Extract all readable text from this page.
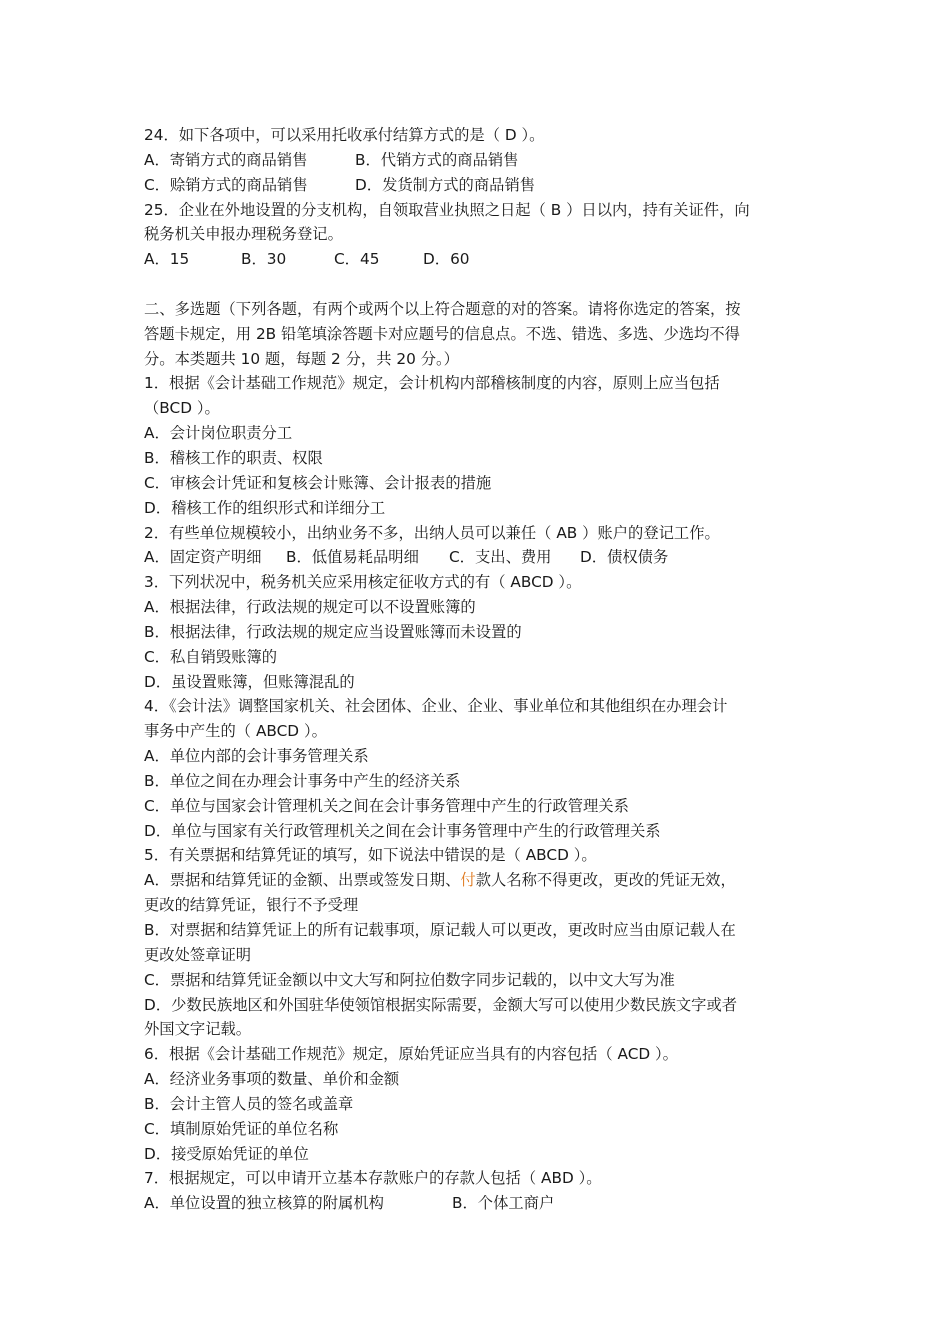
24．如下各项中，可以采用托收承付结算方式的是（ D ）。
A．寄销方式的商品销售	B．代销方式的商品销售
C．赊销方式的商品销售	D．发货制方式的商品销售
25．企业在外地设置的分支机构，自领取营业执照之日起（ B ）日以内，持有关证件，向
税务机关申报办理税务登记。
A．15	B．30	C．45	D．60
二、多选题（下列各题，有两个或两个以上符合题意的对的答案。请将你选定的答案，按
答题卡规定，用 2B 铅笔填涂答题卡对应题号的信息点。不选、错选、多选、少选均不得
分。本类题共 10 题，每题 2 分，共 20 分。）
1．根据《会计基础工作规范》规定，会计机构内部稽核制度的内容，原则上应当包括
（BCD ）。
A．会计岗位职责分工
B．稽核工作的职责、权限
C．审核会计凭证和复核会计账簿、会计报表的措施
D．稽核工作的组织形式和详细分工
2．有些单位规模较小，出纳业务不多，出纳人员可以兼任（ AB ）账户的登记工作。
A．固定资产明细 B．低值易耗品明细 C．支出、费用 D．债权债务
3．下列状况中，税务机关应采用核定征收方式的有（ ABCD ）。
A．根据法律，行政法规的规定可以不设置账簿的
B．根据法律，行政法规的规定应当设置账簿而未设置的
C．私自销毁账簿的
D．虽设置账簿，但账簿混乱的
4．《会计法》调整国家机关、社会团体、企业、企业、事业单位和其他组织在办理会计
事务中产生的（ ABCD ）。
A．单位内部的会计事务管理关系
B．单位之间在办理会计事务中产生的经济关系
C．单位与国家会计管理机关之间在会计事务管理中产生的行政管理关系
D．单位与国家有关行政管理机关之间在会计事务管理中产生的行政管理关系
5．有关票据和结算凭证的填写，如下说法中错误的是（ ABCD ）。
A．票据和结算凭证的金额、出票或签发日期、付款人名称不得更改，更改的凭证无效，
更改的结算凭证，银行不予受理
B．对票据和结算凭证上的所有记载事项，原记载人可以更改，更改时应当由原记载人在
更改处签章证明
C．票据和结算凭证金额以中文大写和阿拉伯数字同步记载的，以中文大写为准
D．少数民族地区和外国驻华使领馆根据实际需要，金额大写可以使用少数民族文字或者
外国文字记载。
6．根据《会计基础工作规范》规定，原始凭证应当具有的内容包括（ ACD ）。
A．经济业务事项的数量、单价和金额
B．会计主管人员的签名或盖章
C．填制原始凭证的单位名称
D．接受原始凭证的单位
7．根据规定，可以申请开立基本存款账户的存款人包括（ ABD ）。
A．单位设置的独立核算的附属机构	B．个体工商户
